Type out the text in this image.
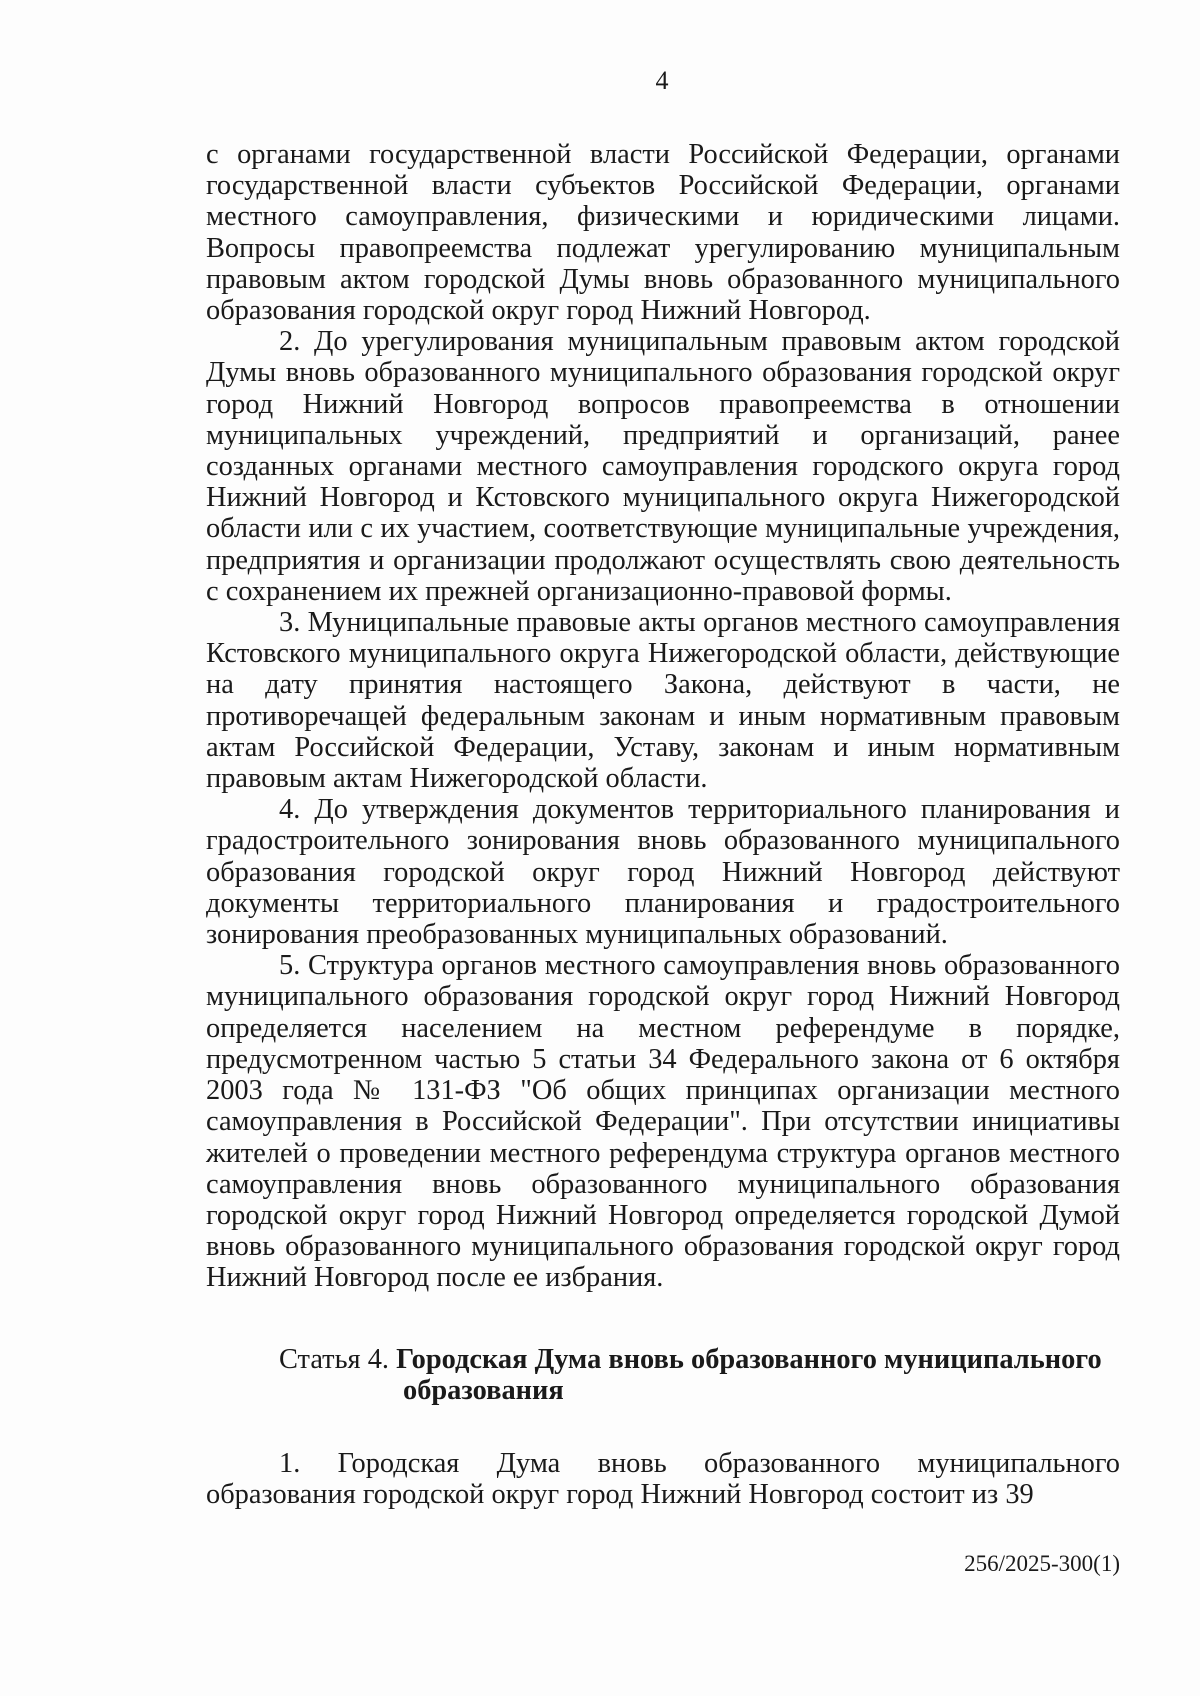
4

с органами государственной власти Российской Федерации, органами государственной власти субъектов Российской Федерации, органами местного самоуправления, физическими и юридическими лицами. Вопросы правопреемства подлежат урегулированию муниципальным правовым актом городской Думы вновь образованного муниципального образования городской округ город Нижний Новгород.

2. До урегулирования муниципальным правовым актом городской Думы вновь образованного муниципального образования городской округ город Нижний Новгород вопросов правопреемства в отношении муниципальных учреждений, предприятий и организаций, ранее созданных органами местного самоуправления городского округа город Нижний Новгород и Кстовского муниципального округа Нижегородской области или с их участием, соответствующие муниципальные учреждения, предприятия и организации продолжают осуществлять свою деятельность с сохранением их прежней организационно-правовой формы.

3. Муниципальные правовые акты органов местного самоуправления Кстовского муниципального округа Нижегородской области, действующие на дату принятия настоящего Закона, действуют в части, не противоречащей федеральным законам и иным нормативным правовым актам Российской Федерации, Уставу, законам и иным нормативным правовым актам Нижегородской области.

4. До утверждения документов территориального планирования и градостроительного зонирования вновь образованного муниципального образования городской округ город Нижний Новгород действуют документы территориального планирования и градостроительного зонирования преобразованных муниципальных образований.

5. Структура органов местного самоуправления вновь образованного муниципального образования городской округ город Нижний Новгород определяется населением на местном референдуме в порядке, предусмотренном частью 5 статьи 34 Федерального закона от 6 октября 2003 года № 131-ФЗ "Об общих принципах организации местного самоуправления в Российской Федерации". При отсутствии инициативы жителей о проведении местного референдума структура органов местного самоуправления вновь образованного муниципального образования городской округ город Нижний Новгород определяется городской Думой вновь образованного муниципального образования городской округ город Нижний Новгород после ее избрания.

Статья 4. Городская Дума вновь образованного муниципального образования

1. Городская Дума вновь образованного муниципального образования городской округ город Нижний Новгород состоит из 39

256/2025-300(1)
